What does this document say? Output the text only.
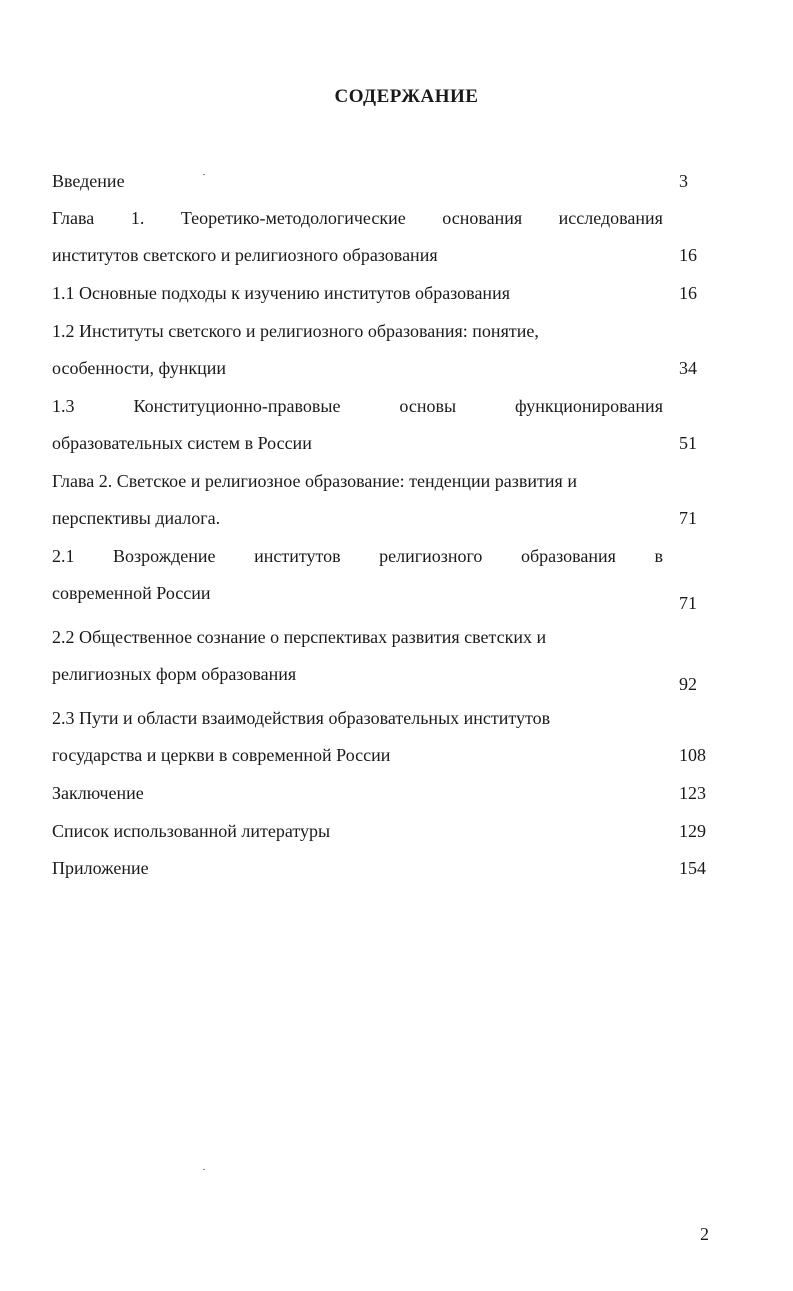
СОДЕРЖАНИЕ
Введение	3
Глава 1. Теоретико-методологические основания исследования
институтов светского и религиозного образования	16
1.1 Основные подходы к изучению институтов образования	16
1.2 Институты светского и религиозного образования: понятие,
особенности, функции	34
1.3	Конституционно-правовые	основы	функционирования
образовательных систем в России	51
Глава 2. Светское и религиозное образование: тенденции развития и
перспективы диалога.	71
2.1 Возрождение институтов религиозного образования в
современной России	71
2.2 Общественное сознание о перспективах развития светских и
религиозных форм образования	92
2.3 Пути и области взаимодействия образовательных институтов
государства и церкви в современной России	108
Заключение	123
Список использованной литературы	129
Приложение	154
2
